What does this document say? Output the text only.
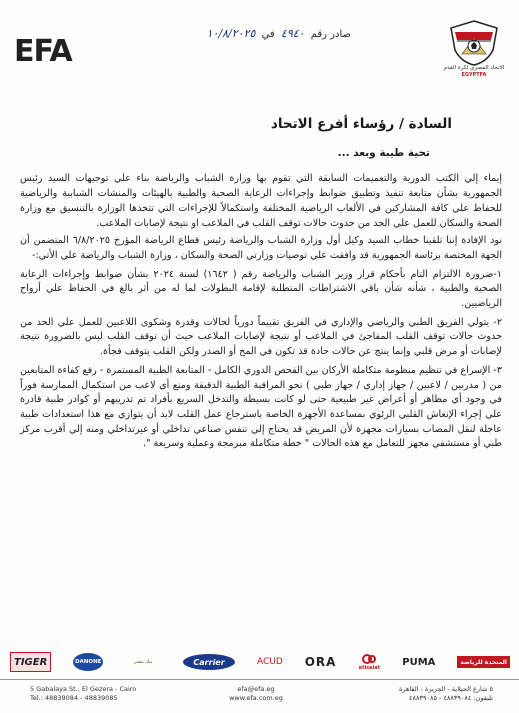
EFA	صادر رقم ٤٩٤٠ في ١٠/٨/٢٠٢٥
الاتحاد المصري لكرة القدم
EGYPTFA
السادة / رؤساء أفرع الاتحاد
تحية طيبة وبعد ...

إيماء إلي الكتب الدورية والتعميمات السابقة التي تقوم بها وزارة الشباب والرياضة بناء علي توجيهات السيد رئيس الجمهورية بشأن متابعة تنفيذ وتطبيق ضوابط وإجراءات الرعاية الصحية والطبية بالهيئات والمنشات الشبابية والرياضية للحفاظ علي كافة المشاركين في الألعاب الرياضية المختلفة واستكمالاً للإجراءات التي تتخذها الوزارة بالتنسيق مع وزارة الصحة والسكان للعمل علي الحد من حدوث حالات توقف القلب في الملاعب او نتيجة لإصابات الملاعب.

نود الإفادة إننا تلقينا خطاب السيد وكيل أول وزارة الشباب والرياضة رئيس قطاع الرياضة المؤرخ ٦/٨/٢٠٢٥ المتضمن أن الجهة المختصة برئاسة الجمهورية قد وافقت علي توصيات وزارتي الصحة والسكان ، وزارة الشباب والرياضة علي الأتي:-

١-ضرورة الالتزام التام بأحكام قرار وزير الشباب والرياضة رقم ( ١٦٤٢) لسنة ٢٠٢٤ بشأن ضوابط وإجراءات الرعاية الصحية والطبية ، شأنه شأن باقي الاشتراطات المتطلبة لإقامة البطولات لما له من أثر بالغ في الحفاظ علي أرواح الرياضيين.

٢- يتولي الفريق الطبي والرياضي والإداري في الفريق تقييماً دورياً لحالات وقدرة وشكوى اللاعبين للعمل علي الحد من حدوث حالات توقف القلب المفاجئ في الملاعب أو نتيجة لإصابات الملاعب حيث أن توقف القلب ليس بالضرورة نتيجة لإصابات أو مرض قلبي وإنما ينتج عن حالات حادة قد تكون في المخ أو الصدر ولكن القلب يتوقف فجأة.

٣- الإسراع في تنظيم منظومة متكاملة الأركان بين الفحص الدوري الكامل - المتابعة الطبية المستمرة - رفع كفاءة المتابعين من ( مدربين / لاعبين / جهاز إداري / جهاز طبي ) نحو المراقبة الطبية الدقيقة ومنع أي لاعب من استكمال الممارسة فوراً في وجود أي مظاهر أو أعراض غير طبيعية حتى لو كانت بسيطة والتدخل السريع بأفراد تم تدريبهم أو كوادر طبية قادرة علي إجراء الإنعاش القلبي الرئوي بمساعدة الأجهزة الخاصة باسترجاع عمل القلب لابد أن يتوازي مع هذا استعدادات طبية عاجلة لنقل المصاب بسيارات مجهزة لأن المريض قد يحتاج إلي تنفس صناعي تداخلي أو غيرتداخلي ومنه إلي أقرب مركز طبي أو مستشفي مجهز للتعامل مع هذه الحالات " خطة متكاملة مبرمجة وعملية وسريعة ".

TIGER	DANONE	بنك مصر	Carrier	ACUD ORA	etisalat
PUMA	المتحدة للرياضة
5 Gabalaya St., El Gezera - Cairo
Tel.: 48839084 - 48839085
efa@efa.eg
www.efa.com.eg
٥ شارع الجبلاية - الجزيرة - القاهرة
تليفون: ٤٨٨٣٩٠٨٤ - ٤٨٨٣٩٠٨٥
